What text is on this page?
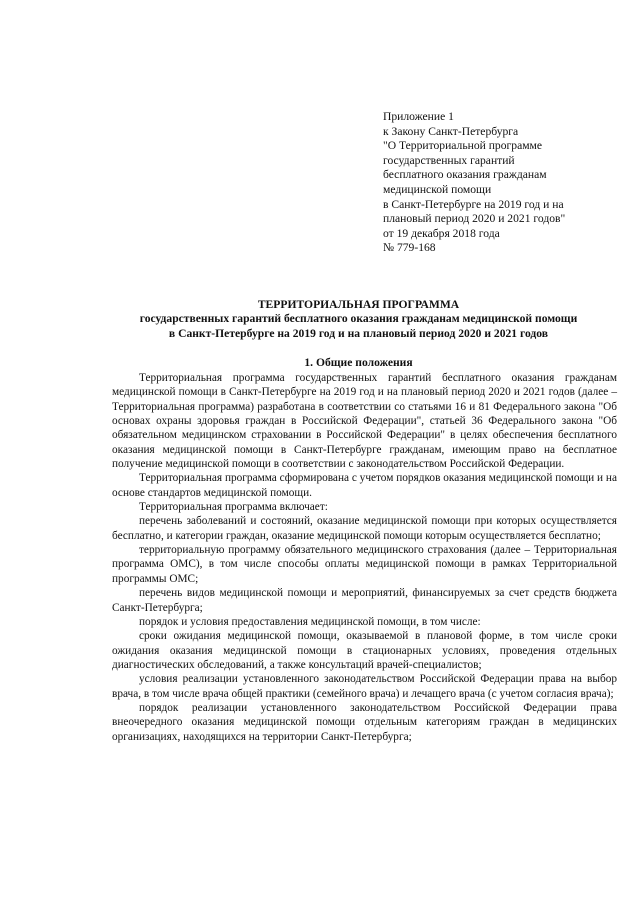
Приложение 1
к Закону Санкт-Петербурга
"О Территориальной программе
государственных гарантий
бесплатного оказания гражданам
медицинской помощи
в Санкт-Петербурге на 2019 год и на
плановый период 2020 и 2021 годов"
от 19 декабря 2018 года
№ 779-168
ТЕРРИТОРИАЛЬНАЯ ПРОГРАММА
государственных гарантий бесплатного оказания гражданам медицинской помощи
в Санкт-Петербурге на 2019 год и на плановый период 2020 и 2021 годов
1. Общие положения

Территориальная программа государственных гарантий бесплатного оказания гражданам медицинской помощи в Санкт-Петербурге на 2019 год и на плановый период 2020 и 2021 годов (далее – Территориальная программа) разработана в соответствии со статьями 16 и 81 Федерального закона "Об основах охраны здоровья граждан в Российской Федерации", статьей 36 Федерального закона "Об обязательном медицинском страховании в Российской Федерации" в целях обеспечения бесплатного оказания медицинской помощи в Санкт-Петербурге гражданам, имеющим право на бесплатное получение медицинской помощи в соответствии с законодательством Российской Федерации.

Территориальная программа сформирована с учетом порядков оказания медицинской помощи и на основе стандартов медицинской помощи.

Территориальная программа включает:

перечень заболеваний и состояний, оказание медицинской помощи при которых осуществляется бесплатно, и категории граждан, оказание медицинской помощи которым осуществляется бесплатно;

территориальную программу обязательного медицинского страхования (далее – Территориальная программа ОМС), в том числе способы оплаты медицинской помощи в рамках Территориальной программы ОМС;

перечень видов медицинской помощи и мероприятий, финансируемых за счет средств бюджета Санкт-Петербурга;

порядок и условия предоставления медицинской помощи, в том числе:

сроки ожидания медицинской помощи, оказываемой в плановой форме, в том числе сроки ожидания оказания медицинской помощи в стационарных условиях, проведения отдельных диагностических обследований, а также консультаций врачей-специалистов;

условия реализации установленного законодательством Российской Федерации права на выбор врача, в том числе врача общей практики (семейного врача) и лечащего врача (с учетом согласия врача);

порядок реализации установленного законодательством Российской Федерации права внеочередного оказания медицинской помощи отдельным категориям граждан в медицинских организациях, находящихся на территории Санкт-Петербурга;
